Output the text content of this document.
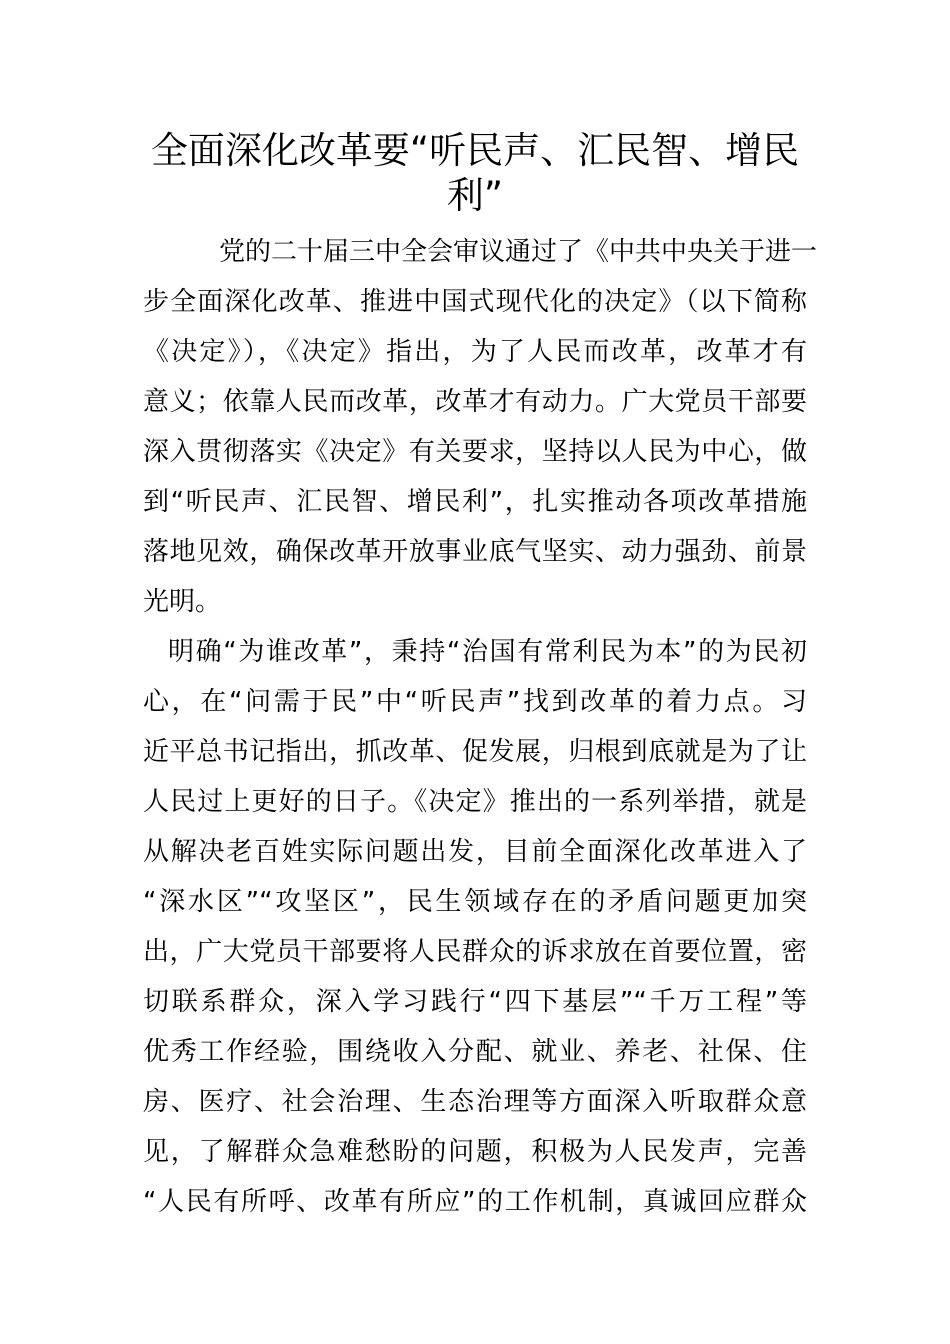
全面深化改革要“听民声、汇民智、增民
利”

党的二十届三中全会审议通过了《中共中央关于进一

步全面深化改革、推进中国式现代化的决定》（以下简称

《决定》），《决定》指出，为了人民而改革，改革才有

意义；依靠人民而改革，改革才有动力。广大党员干部要

深入贯彻落实《决定》有关要求，坚持以人民为中心，做

到“听民声、汇民智、增民利”，扎实推动各项改革措施

落地见效，确保改革开放事业底气坚实、动力强劲、前景

光明。

明确“为谁改革”，秉持“治国有常利民为本”的为民初

心，在“问需于民”中“听民声”找到改革的着力点。习

近平总书记指出，抓改革、促发展，归根到底就是为了让

人民过上更好的日子。《决定》推出的一系列举措，就是

从解决老百姓实际问题出发，目前全面深化改革进入了

“深水区”“攻坚区”，民生领域存在的矛盾问题更加突

出，广大党员干部要将人民群众的诉求放在首要位置，密

切联系群众，深入学习践行“四下基层”“千万工程”等

优秀工作经验，围绕收入分配、就业、养老、社保、住

房、医疗、社会治理、生态治理等方面深入听取群众意

见，了解群众急难愁盼的问题，积极为人民发声，完善

“人民有所呼、改革有所应”的工作机制，真诚回应群众
